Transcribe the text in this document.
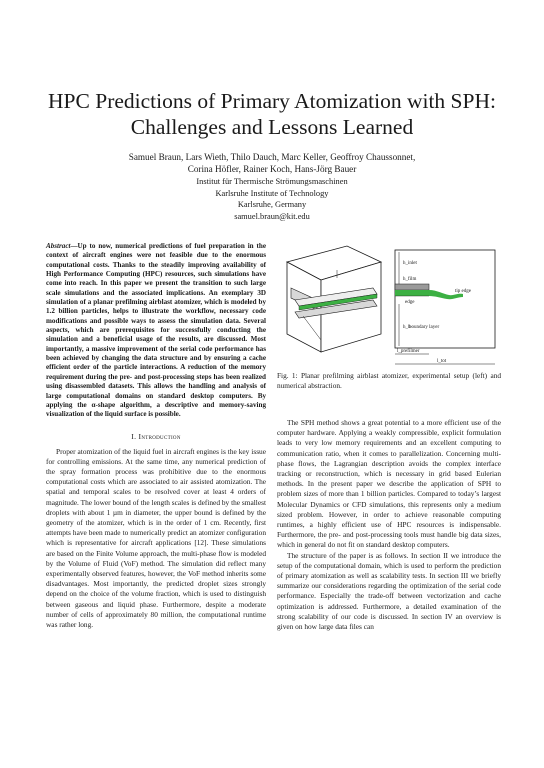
HPC Predictions of Primary Atomization with SPH:
Challenges and Lessons Learned
Samuel Braun, Lars Wieth, Thilo Dauch, Marc Keller, Geoffroy Chaussonnet,
Corina Höfler, Rainer Koch, Hans-Jörg Bauer
Institut für Thermische Strömungsmaschinen
Karlsruhe Institute of Technology
Karlsruhe, Germany
samuel.braun@kit.edu

Abstract—Up to now, numerical predictions of fuel preparation in the context of aircraft engines were not feasible due to the enormous computational costs. Thanks to the steadily improving availability of High Performance Computing (HPC) resources, such simulations have come into reach. In this paper we present the transition to such large scale simulations and the associated implications. An exemplary 3D simulation of a planar prefilming airblast atomizer, which is modeled by 1.2 billion particles, helps to illustrate the workflow, necessary code modifications and possible ways to assess the simulation data. Several aspects, which are prerequisites for successfully conducting the simulation and a beneficial usage of the results, are discussed. Most importantly, a massive improvement of the serial code performance has been achieved by changing the data structure and by ensuring a cache efficient order of the particle interactions. A reduction of the memory requirement during the pre- and post-processing steps has been realized using disassembled datasets. This allows the handling and analysis of large computational domains on standard desktop computers. By applying the α-shape algorithm, a descriptive and memory-saving visualization of the liquid surface is possible.

I. Introduction

Proper atomization of the liquid fuel in aircraft engines is the key issue for controlling emissions. At the same time, any numerical prediction of the spray formation process was prohibitive due to the enormous computational costs which are associated to air assisted atomization. The spatial and temporal scales to be resolved cover at least 4 orders of magnitude. The lower bound of the length scales is defined by the smallest droplets with about 1 µm in diameter, the upper bound is defined by the geometry of the atomizer, which is in the order of 1 cm. Recently, first attempts have been made to numerically predict an atomizer configuration which is representative for aircraft applications [12]. These simulations are based on the Finite Volume approach, the multi-phase flow is modeled by the Volume of Fluid (VoF) method. The simulation did reflect many experimentally observed features, however, the VoF method inherits some disadvantages. Most importantly, the predicted droplet sizes strongly depend on the choice of the volume fraction, which is used to distinguish between gaseous and liquid phase. Furthermore, despite a moderate number of cells of approximately 80 million, the computational runtime was rather long.

h_inlet
h_film
edge
tip edge
h_b
boundary layer
l_prefilmer
l_tot
Fig. 1: Planar prefilming airblast atomizer, experimental setup (left) and numerical abstraction.

The SPH method shows a great potential to a more efficient use of the computer hardware. Applying a weakly compressible, explicit formulation leads to very low memory requirements and an excellent computing to communication ratio, when it comes to parallelization. Concerning multi-phase flows, the Lagrangian description avoids the complex interface tracking or reconstruction, which is necessary in grid based Eulerian methods. In the present paper we describe the application of SPH to problem sizes of more than 1 billion particles. Compared to today’s largest Molecular Dynamics or CFD simulations, this represents only a medium sized problem. However, in order to achieve reasonable computing runtimes, a highly efficient use of HPC resources is indispensable. Furthermore, the pre- and post-processing tools must handle big data sizes, which in general do not fit on standard desktop computers.

The structure of the paper is as follows. In section II we introduce the setup of the computational domain, which is used to perform the prediction of primary atomization as well as scalability tests. In section III we briefly summarize our considerations regarding the optimization of the serial code performance. Especially the trade-off between vectorization and cache optimization is addressed. Furthermore, a detailed examination of the strong scalability of our code is discussed. In section IV an overview is given on how large data files can
